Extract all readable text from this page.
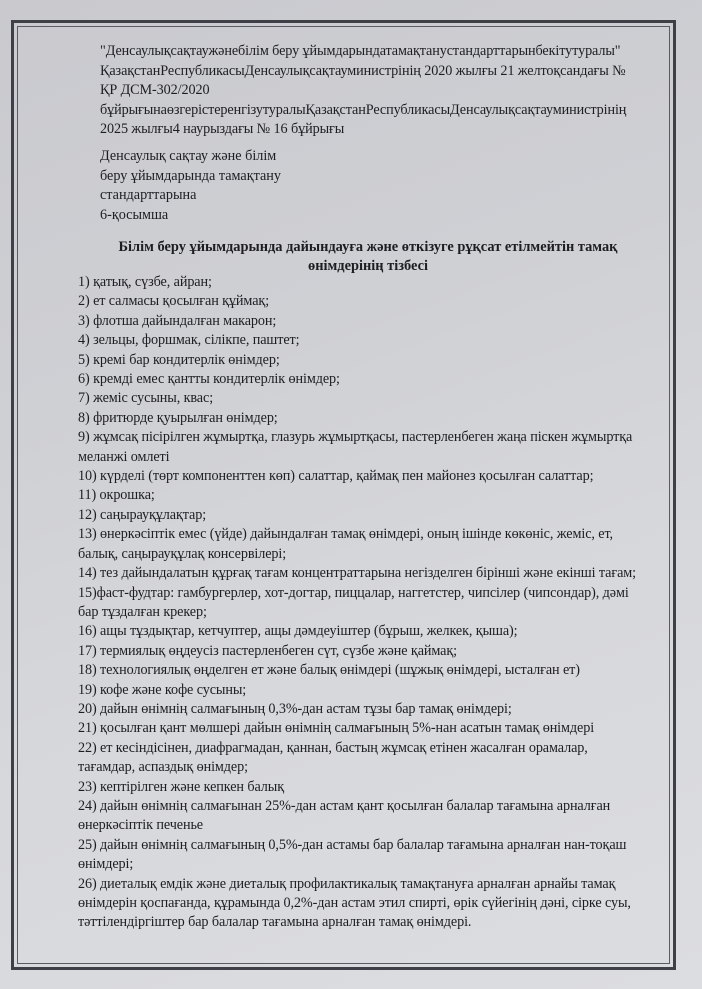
"Денсаулықсақтаужәнебілім беру ұйымдарындатамақтанустандарттарынбекітутуралы"
ҚазақстанРеспубликасыДенсаулықсақтауминистрінің 2020 жылғы 21 желтоқсандағы №
ҚР ДСМ-302/2020
бұйрығынаөзгерістеренгізутуралыҚазақстанРеспубликасыДенсаулықсақтауминистрінің
2025 жылғы4 наурыздағы № 16 бұйрығы
Денсаулық сақтау және білім
беру ұйымдарында тамақтану
стандарттарына
6-қосымша
Білім беру ұйымдарында дайындауға және өткізуге рұқсат етілмейтін тамақ
өнімдерінің тізбесі
1) қатық, сүзбе, айран;
2) ет салмасы қосылған құймақ;
3) флотша дайындалған макарон;
4) зельцы, форшмак, сілікпе, паштет;
5) кремі бар кондитерлік өнімдер;
6) кремді емес қантты кондитерлік өнімдер;
7) жеміс сусыны, квас;
8) фритюрде қуырылған өнімдер;
9) жұмсақ пісірілген жұмыртқа, глазурь жұмыртқасы, пастерленбеген жаңа піскен жұмыртқа
меланжі омлеті
10) күрделі (төрт компоненттен көп) салаттар, қаймақ пен майонез қосылған салаттар;
11) окрошка;
12) саңырауқұлақтар;
13) өнеркәсіптік емес (үйде) дайындалған тамақ өнімдері, оның ішінде көкөніс, жеміс, ет,
балық, саңырауқұлақ консервілері;
14) тез дайындалатын құрғақ тағам концентраттарына негізделген бірінші және екінші тағам;
15)фаст-фудтар: гамбургерлер, хот-догтар, пиццалар, наггетстер, чипсілер (чипсондар), дәмі
бар тұздалған крекер;
16) ащы тұздықтар, кетчуптер, ащы дәмдеуіштер (бұрыш, желкек, қыша);
17) термиялық өңдеусіз пастерленбеген сүт, сүзбе және қаймақ;
18) технологиялық өңделген ет және балық өнімдері (шұжық өнімдері, ысталған ет)
19) кофе және кофе сусыны;
20) дайын өнімнің салмағының 0,3%-дан астам тұзы бар тамақ өнімдері;
21) қосылған қант мөлшері дайын өнімнің салмағының 5%-нан асатын тамақ өнімдері
22) ет кесіндісінен, диафрагмадан, қаннан, бастың жұмсақ етінен жасалған орамалар,
тағамдар, аспаздық өнімдер;
23) кептірілген және кепкен балық
24) дайын өнімнің салмағынан 25%-дан астам қант қосылған балалар тағамына арналған
өнеркәсіптік печенье
25) дайын өнімнің салмағының 0,5%-дан астамы бар балалар тағамына арналған нан-тоқаш
өнімдері;
26) диеталық емдік және диеталық профилактикалық тамақтануға арналған арнайы тамақ
өнімдерін қоспағанда, құрамында 0,2%-дан астам этил спирті, өрік сүйегінің дәні, сірке суы,
тәттілендіргіштер бар балалар тағамына арналған тамақ өнімдері.
